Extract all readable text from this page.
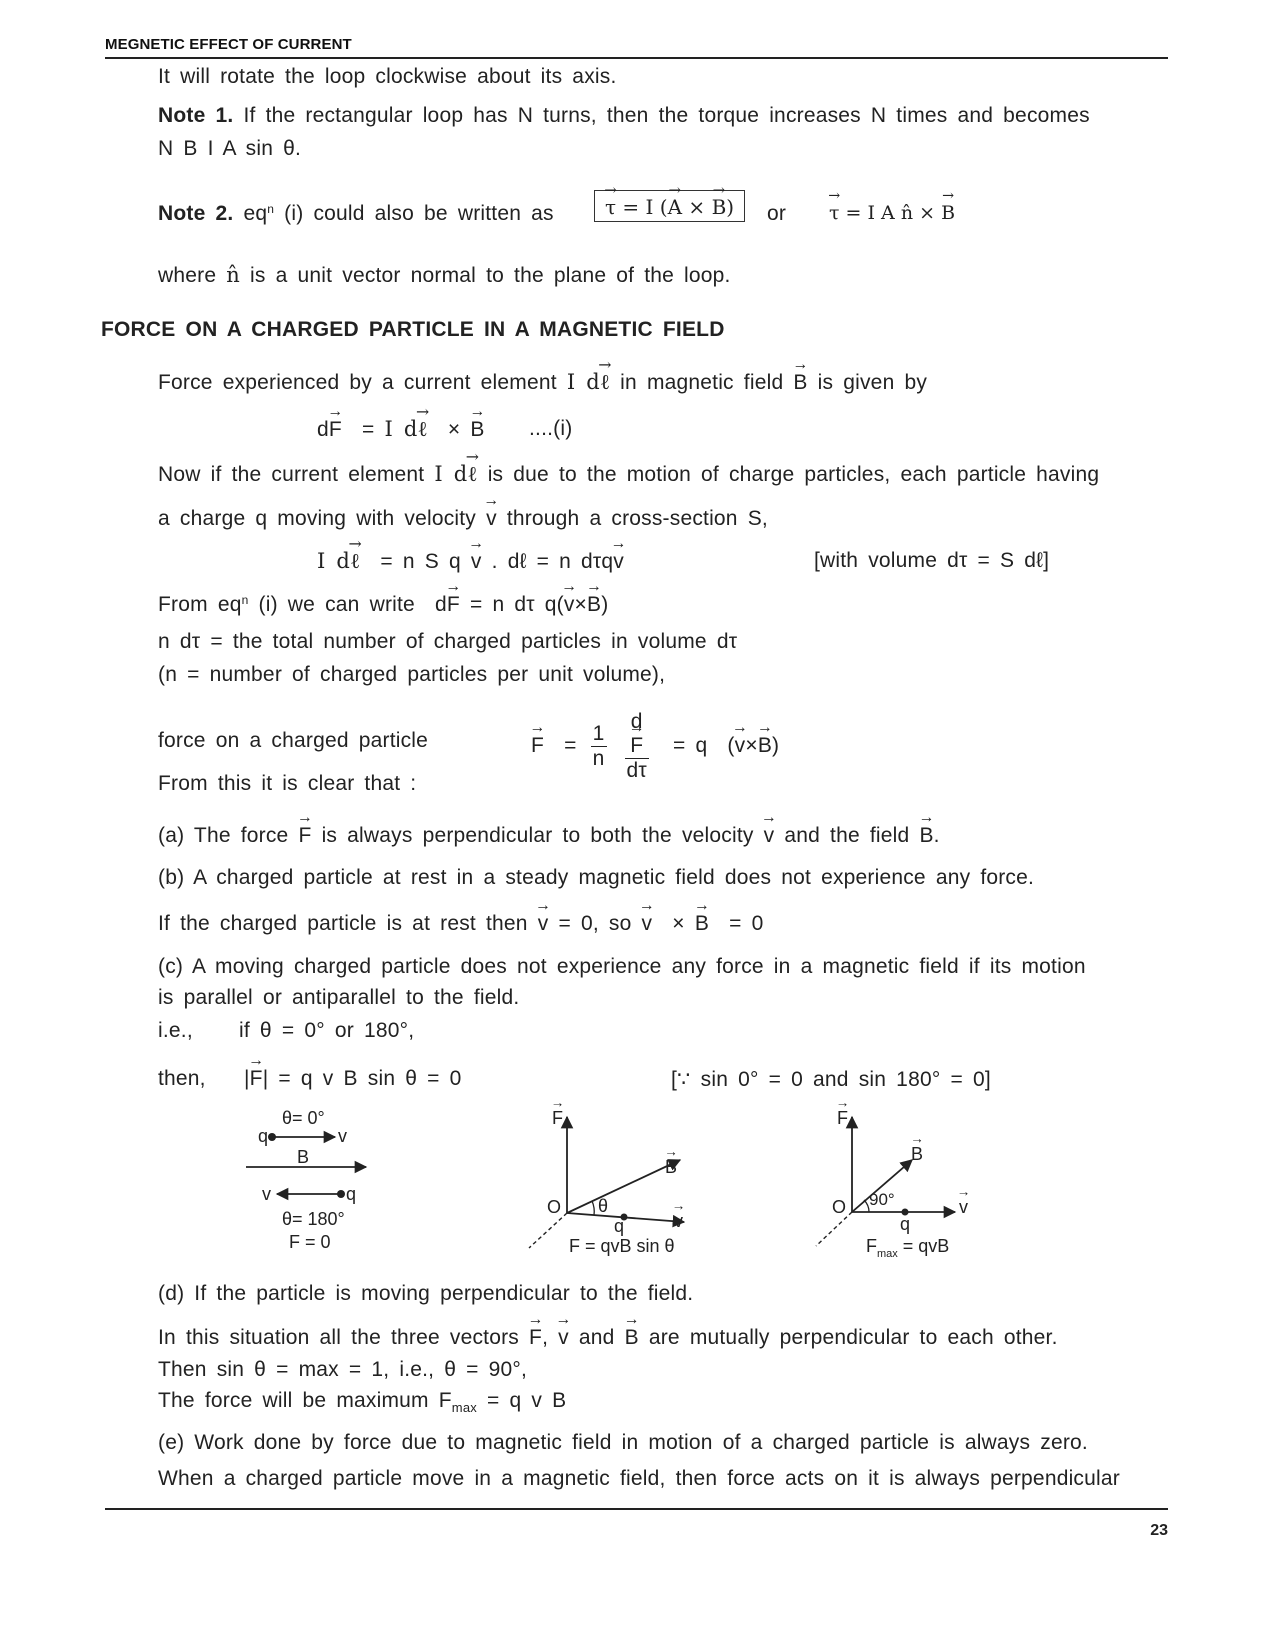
MEGNETIC EFFECT OF CURRENT
It will rotate the loop clockwise about its axis.
Note 1. If the rectangular loop has N turns, then the torque increases N times and becomes
N B I A sin θ.
Note 2. $eq^n$ (i) could also be written as	→ τ = I (→ A × → B)	or → τ = I A n̂ × → B
where n̂ is a unit vector normal to the plane of the loop.
FORCE ON A CHARGED PARTICLE IN A MAGNETIC FIELD
Force experienced by a current element I d→ ℓ in magnetic field → B is given by
d→ F  = I d→ ℓ  × → B ....(i)
Now if the current element I d→ ℓ is due to the motion of charge particles, each particle having
a charge q moving with velocity → v through a cross-section S,
I d→ ℓ  = n S q → v . dℓ = n dτq→ v	[with volume dτ = S dℓ]
From $eq^n$ (i) we can write  d→ F = n dτ q(→ v×→ B)
n dτ = the total number of charged particles in volume dτ
(n = number of charged particles per unit volume),
force on a charged particle	→ $F = \frac{1}{n}$
d
→ F
dτ = q  (→ v×→ B)
From this it is clear that :
(a) The force → F is always perpendicular to both the velocity → v and the field → B.
(b) A charged particle at rest in a steady magnetic field does not experience any force.
If the charged particle is at rest then → v = 0, so → v  × → B  = 0
(c) A moving charged particle does not experience any force in a magnetic field if its motion
is parallel or antiparallel to the field.
i.e., if θ = 0° or 180°,
then, |→ F| = q v B sin θ = 0	[∵ sin 0° = 0 and sin 180° = 0]
θ= 0°
q	v
B
v	q
θ= 180°
F = 0
→ F
→ B
O θ
q	→ v
F = qvB sin θ
→ F
→ B
O 90°
q
→ v
$F_{max}$ = qvB
(d) If the particle is moving perpendicular to the field.
In this situation all the three vectors → F, → v and → B are mutually perpendicular to each other.
Then sin θ = max = 1, i.e., θ = 90°,
The force will be maximum $F_{max} = q$ v B
(e) Work done by force due to magnetic field in motion of a charged particle is always zero.
When a charged particle move in a magnetic field, then force acts on it is always perpendicular
23
